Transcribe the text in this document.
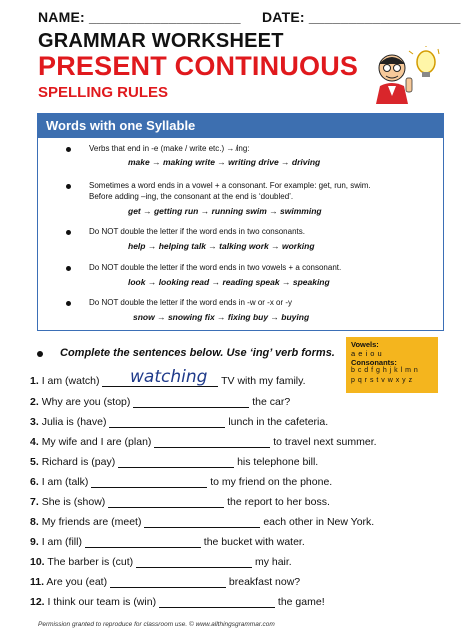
NAME: ___________________ DATE: ___________________
GRAMMAR WORKSHEET
PRESENT CONTINUOUS
SPELLING RULES
Words with one Syllable
Verbs that end in -e (make / write etc.) → ̸ing:
make → making write → writing drive → driving
Sometimes a word ends in a vowel + a consonant. For example: get, run, swim.
Before adding –ing, the consonant at the end is ‘doubled’.
get → getting run → running swim → swimming
Do NOT double the letter if the word ends in two consonants.
help → helping talk → talking work → working
Do NOT double the letter if the word ends in two vowels + a consonant.
look → looking read → reading speak → speaking
Do NOT double the letter if the word ends in -w or -x or -y
snow → snowing fix → fixing buy → buying
Vowels:
a e i o u
Consonants:
b c d f g h j k l m n
p q r s t v w x y z
Complete the sentences below. Use ‘ing’ verb forms.
watching
1. I am (watch)	TV with my family.
2. Why are you (stop)	the car?
3. Julia is (have)	lunch in the cafeteria.
4. My wife and I are (plan)	to travel next summer.
5. Richard is (pay)	his telephone bill.
6. I am (talk)	to my friend on the phone.
7. She is (show)	the report to her boss.
8. My friends are (meet)	each other in New York.
9. I am (fill)	the bucket with water.
10. The barber is (cut)	my hair.
11. Are you (eat)	breakfast now?
12. I think our team is (win)	the game!
Permission granted to reproduce for classroom use. © www.allthingsgrammar.com
